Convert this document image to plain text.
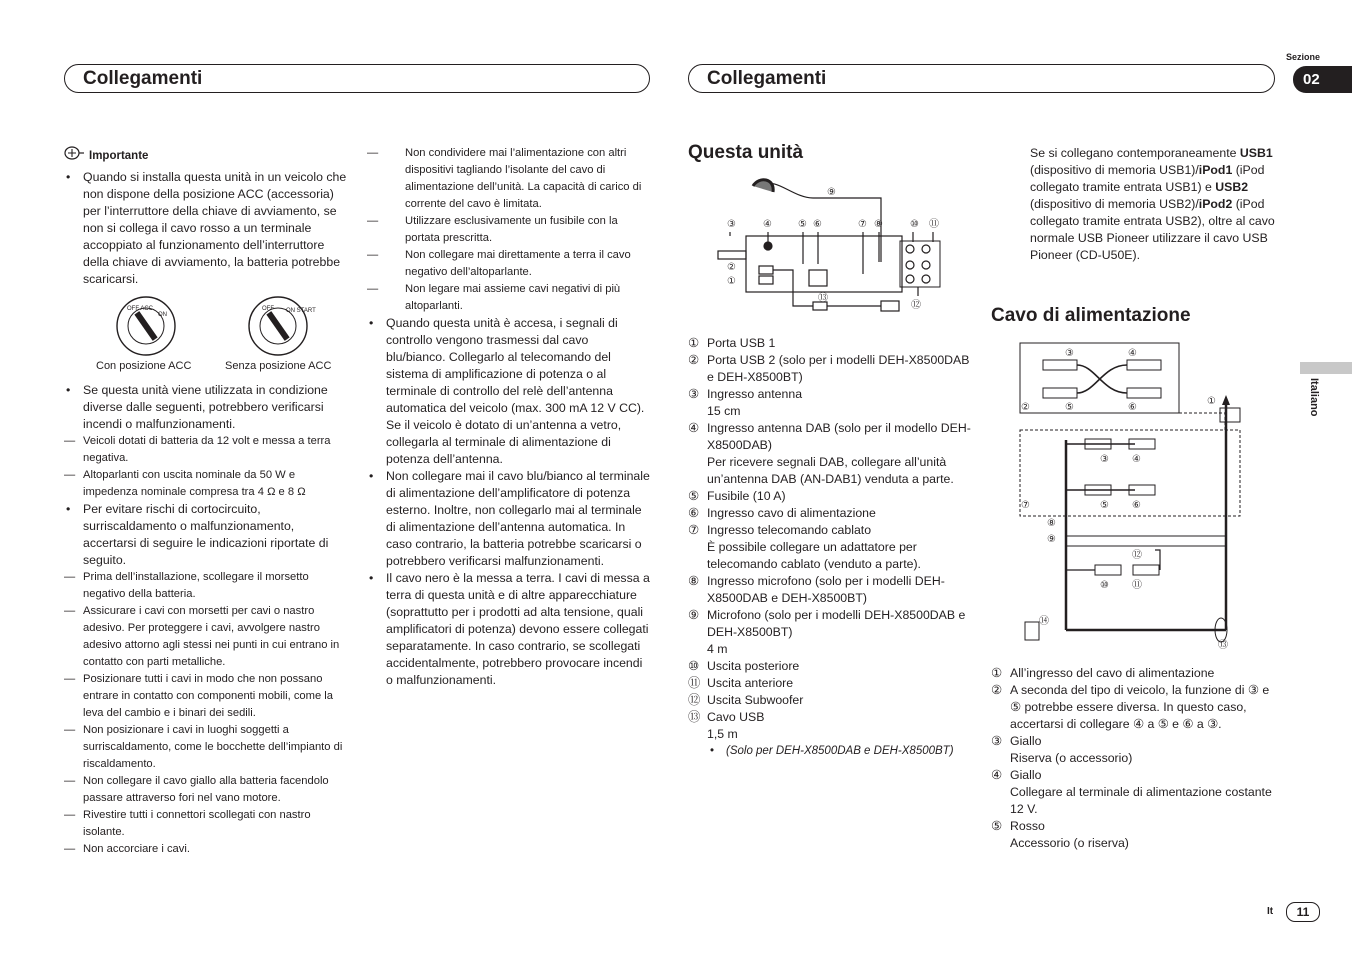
Collegamenti	Collegamenti
Sezione
02
Italiano

Importante

• Quando si installa questa unità in un veicolo che non dispone della posizione ACC (accessoria) per l’interruttore della chiave di avviamento, se non si collega il cavo rosso a un terminale accoppiato al funzionamento dell’interruttore della chiave di avviamento, la batteria potrebbe scaricarsi.

OFF ACC
ON
OFF ON START
Con posizione ACC	Senza posizione ACC

• Se questa unità viene utilizzata in condizione diverse dalle seguenti, potrebbero verificarsi incendi o malfunzionamenti.

— Veicoli dotati di batteria da 12 volt e messa a terra negativa.

— Altoparlanti con uscita nominale da 50 W e impedenza nominale compresa tra 4 Ω e 8 Ω

• Per evitare rischi di cortocircuito, surriscaldamento o malfunzionamento, accertarsi di seguire le indicazioni riportate di seguito.

— Prima dell’installazione, scollegare il morsetto negativo della batteria.

— Assicurare i cavi con morsetti per cavi o nastro adesivo. Per proteggere i cavi, avvolgere nastro adesivo attorno agli stessi nei punti in cui entrano in contatto con parti metalliche.

— Posizionare tutti i cavi in modo che non possano entrare in contatto con componenti mobili, come la leva del cambio e i binari dei sedili.

— Non posizionare i cavi in luoghi soggetti a surriscaldamento, come le bocchette dell’impianto di riscaldamento.

— Non collegare il cavo giallo alla batteria facendolo passare attraverso fori nel vano motore.

— Rivestire tutti i connettori scollegati con nastro isolante.

— Non accorciare i cavi.

— Non condividere mai l’alimentazione con altri dispositivi tagliando l’isolante del cavo di alimentazione dell’unità. La capacità di carico di corrente del cavo è limitata.

— Utilizzare esclusivamente un fusibile con la portata prescritta.

— Non collegare mai direttamente a terra il cavo negativo dell’altoparlante.

— Non legare mai assieme cavi negativi di più altoparlanti.

• Quando questa unità è accesa, i segnali di controllo vengono trasmessi dal cavo blu/bianco. Collegarlo al telecomando del sistema di amplificazione di potenza o al terminale di controllo del relè dell’antenna automatica del veicolo (max. 300 mA 12 V CC). Se il veicolo è dotato di un’antenna a vetro, collegarla al terminale di alimentazione di potenza dell’antenna.

• Non collegare mai il cavo blu/bianco al terminale di alimentazione dell’amplificatore di potenza esterno. Inoltre, non collegarlo mai al terminale di alimentazione dell’antenna automatica. In caso contrario, la batteria potrebbe scaricarsi o potrebbero verificarsi malfunzionamenti.

• Il cavo nero è la messa a terra. I cavi di messa a terra di questa unità e di altre apparecchiature (soprattutto per i prodotti ad alta tensione, quali amplificatori di potenza) devono essere collegati separatamente. In caso contrario, se scollegati accidentalmente, potrebbero provocare incendi o malfunzionamenti.

Questa unità

③	④	⑤ ⑥	⑦ ⑧	⑩ ⑪
⑨
②
①
⑬
⑫
① Porta USB 1
② Porta USB 2 (solo per i modelli DEH-X8500DAB e DEH-X8500BT)
③ Ingresso antenna
15 cm
④ Ingresso antenna DAB (solo per il modello DEH-X8500DAB)
Per ricevere segnali DAB, collegare all’unità un’antenna DAB (AN-DAB1) venduta a parte.
⑤ Fusibile (10 A)
⑥ Ingresso cavo di alimentazione
⑦ Ingresso telecomando cablato
È possibile collegare un adattatore per telecomando cablato (venduto a parte).
⑧ Ingresso microfono (solo per i modelli DEH-X8500DAB e DEH-X8500BT)
⑨ Microfono (solo per i modelli DEH-X8500DAB e DEH-X8500BT)
4 m
⑩ Uscita posteriore
⑪ Uscita anteriore
⑫ Uscita Subwoofer
⑬ Cavo USB
1,5 m
• (Solo per DEH-X8500DAB e DEH-X8500BT)

Se si collegano contemporaneamente USB1 (dispositivo di memoria USB1)/iPod1 (iPod collegato tramite entrata USB1) e USB2 (dispositivo di memoria USB2)/iPod2 (iPod collegato tramite entrata USB2), oltre al cavo normale USB Pioneer utilizzare il cavo USB Pioneer (CD-U50E).

Cavo di alimentazione
③	④
②	⑤	⑥
①
③ ④
⑦	⑤ ⑥
⑧
⑨
⑫
⑩ ⑪
⑭
⑬
① All’ingresso del cavo di alimentazione
② A seconda del tipo di veicolo, la funzione di ③ e ⑤ potrebbe essere diversa. In questo caso, accertarsi di collegare ④ a ⑤ e ⑥ a ③.
③ Giallo
Riserva (o accessorio)
④ Giallo
Collegare al terminale di alimentazione costante 12 V.
⑤ Rosso
Accessorio (o riserva)
It	11
